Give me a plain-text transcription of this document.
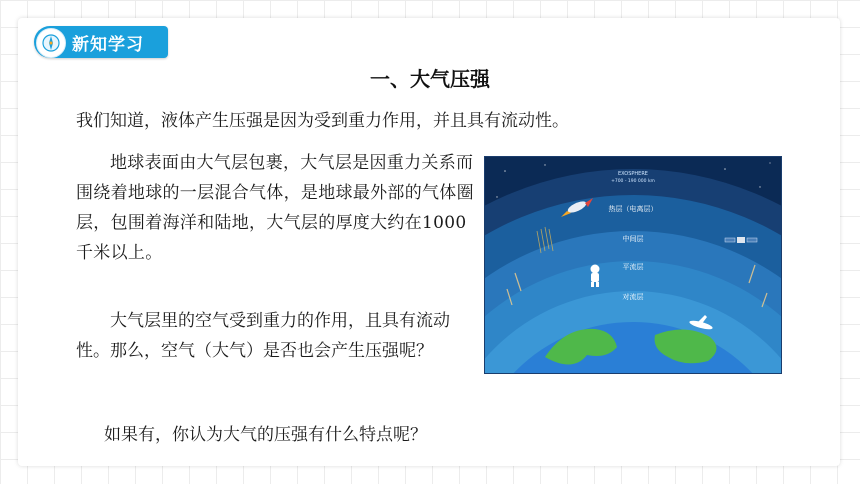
新知学习
一、大气压强

我们知道，液体产生压强是因为受到重力作用，并且具有流动性。

地球表面由大气层包裹，大气层是因重力关系而围绕着地球的一层混合气体，是地球最外部的气体圈层，包围着海洋和陆地，大气层的厚度大约在1000千米以上。

大气层里的空气受到重力的作用，且具有流动性。那么，空气（大气）是否也会产生压强呢？

如果有，你认为大气的压强有什么特点呢？

EXOSPHERE
+700 - 190 000 km
热层（电离层）
中间层
平流层
对流层
